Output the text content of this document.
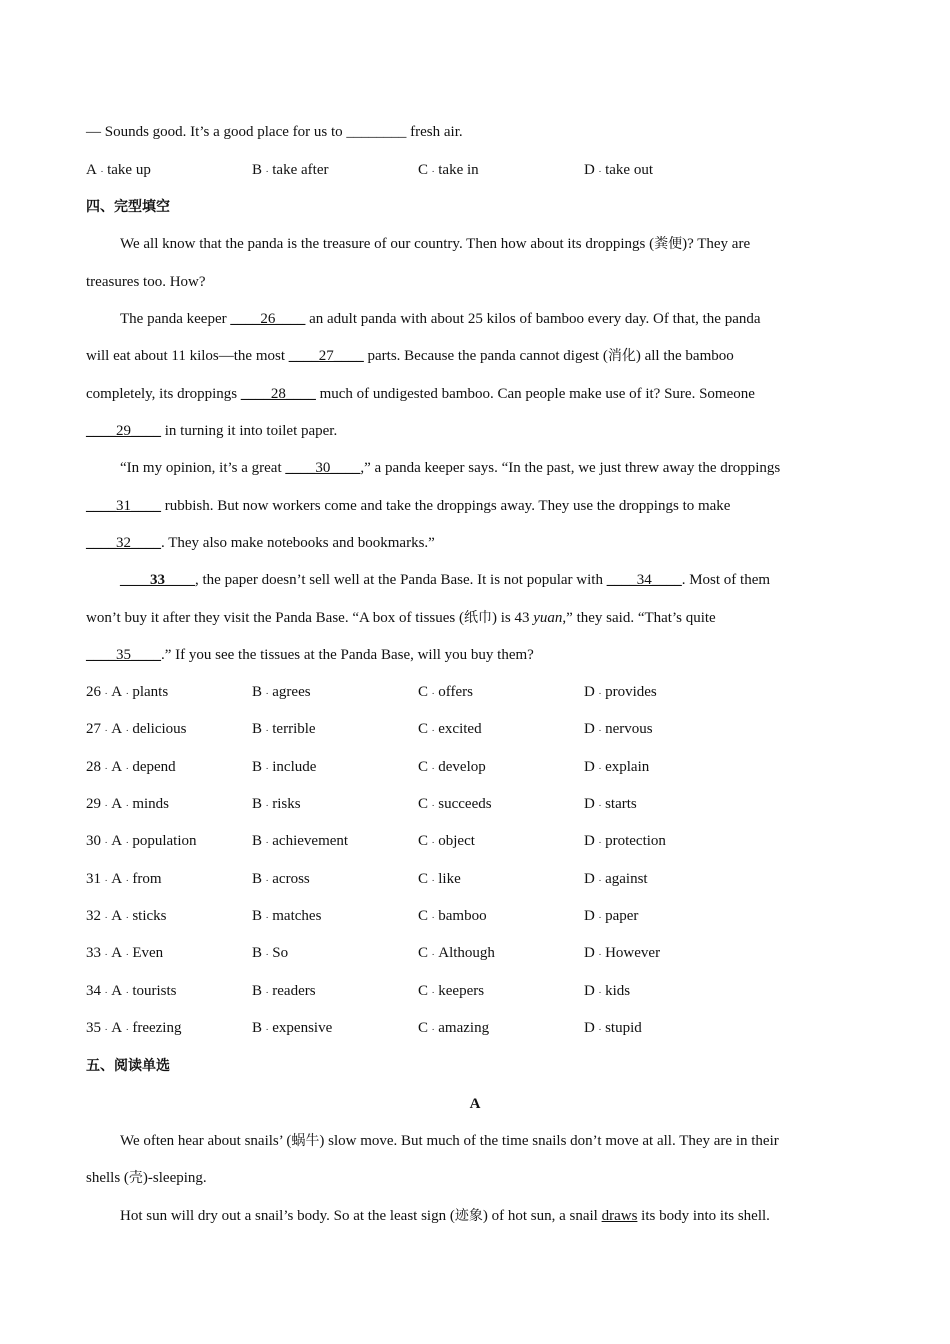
— Sounds good. It’s a good place for us to ________ fresh air.
A . take up	B . take after	C . take in	D . take out
四、完型填空
We all know that the panda is the treasure of our country. Then how about its droppings (粪便)? They are
treasures too. How?
The panda keeper ____26____ an adult panda with about 25 kilos of bamboo every day. Of that, the panda
will eat about 11 kilos—the most ____27____ parts. Because the panda cannot digest (消化) all the bamboo
completely, its droppings ____28____ much of undigested bamboo. Can people make use of it? Sure. Someone
____29____ in turning it into toilet paper.
“In my opinion, it’s a great ____30____,” a panda keeper says. “In the past, we just threw away the droppings
____31____ rubbish. But now workers come and take the droppings away. They use the droppings to make
____32____. They also make notebooks and bookmarks.”
____33____, the paper doesn’t sell well at the Panda Base. It is not popular with ____34____. Most of them
won’t buy it after they visit the Panda Base. “A box of tissues (纸巾) is 43 yuan,” they said. “That’s quite
____35____.” If you see the tissues at the Panda Base, will you buy them?
26 . A . plants	B . agrees	C . offers	D . provides
27 . A . delicious	B . terrible	C . excited	D . nervous
28 . A . depend	B . include	C . develop	D . explain
29 . A . minds	B . risks	C . succeeds	D . starts
30 . A . population	B . achievement	C . object	D . protection
31 . A . from	B . across	C . like	D . against
32 . A . sticks	B . matches	C . bamboo	D . paper
33 . A . Even	B . So	C . Although	D . However
34 . A . tourists	B . readers	C . keepers	D . kids
35 . A . freezing	B . expensive	C . amazing	D . stupid
五、阅读单选
A
We often hear about snails’ (蜗牛) slow move. But much of the time snails don’t move at all. They are in their
shells (壳)-sleeping.
Hot sun will dry out a snail’s body. So at the least sign (迹象) of hot sun, a snail draws its body into its shell.
